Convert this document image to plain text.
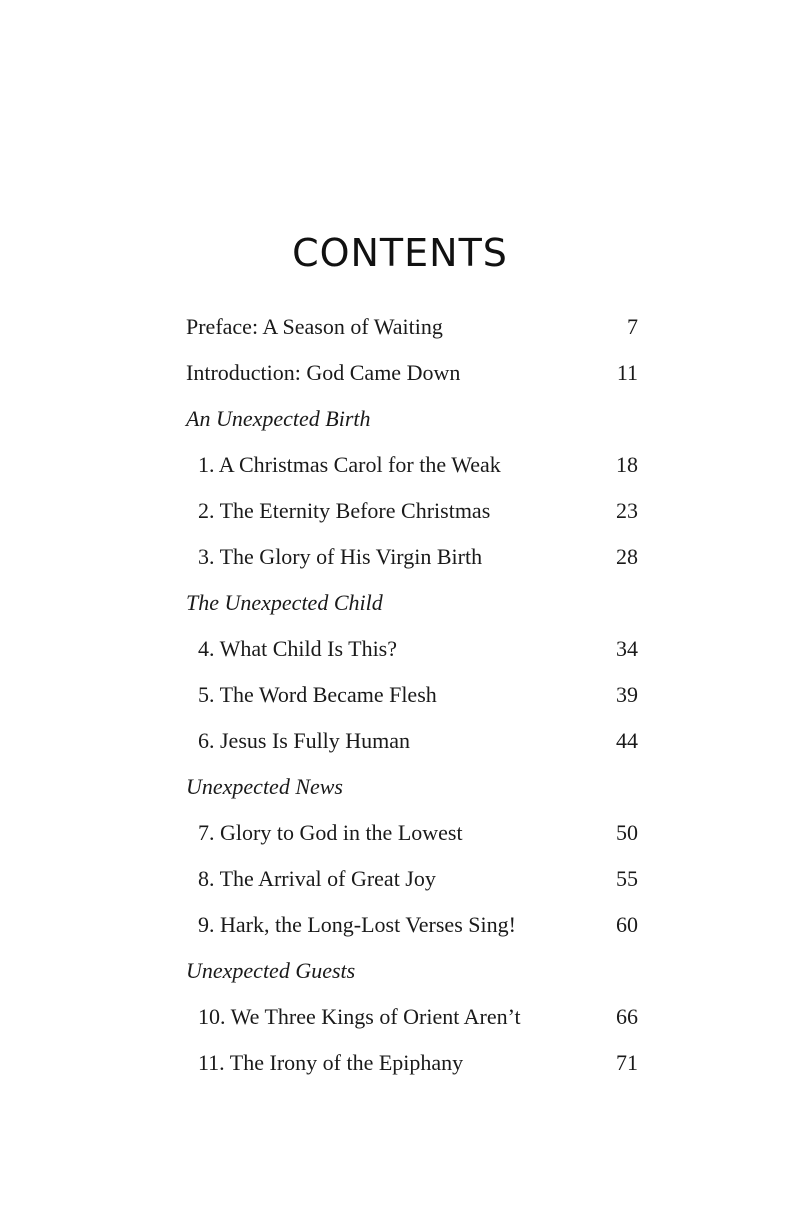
CONTENTS
Preface: A Season of Waiting	7
Introduction: God Came Down	11
An Unexpected Birth
1. A Christmas Carol for the Weak	18
2. The Eternity Before Christmas	23
3. The Glory of His Virgin Birth	28
The Unexpected Child
4. What Child Is This?	34
5. The Word Became Flesh	39
6. Jesus Is Fully Human	44
Unexpected News
7. Glory to God in the Lowest	50
8. The Arrival of Great Joy	55
9. Hark, the Long-Lost Verses Sing!	60
Unexpected Guests
10. We Three Kings of Orient Aren’t	66
11. The Irony of the Epiphany	71
